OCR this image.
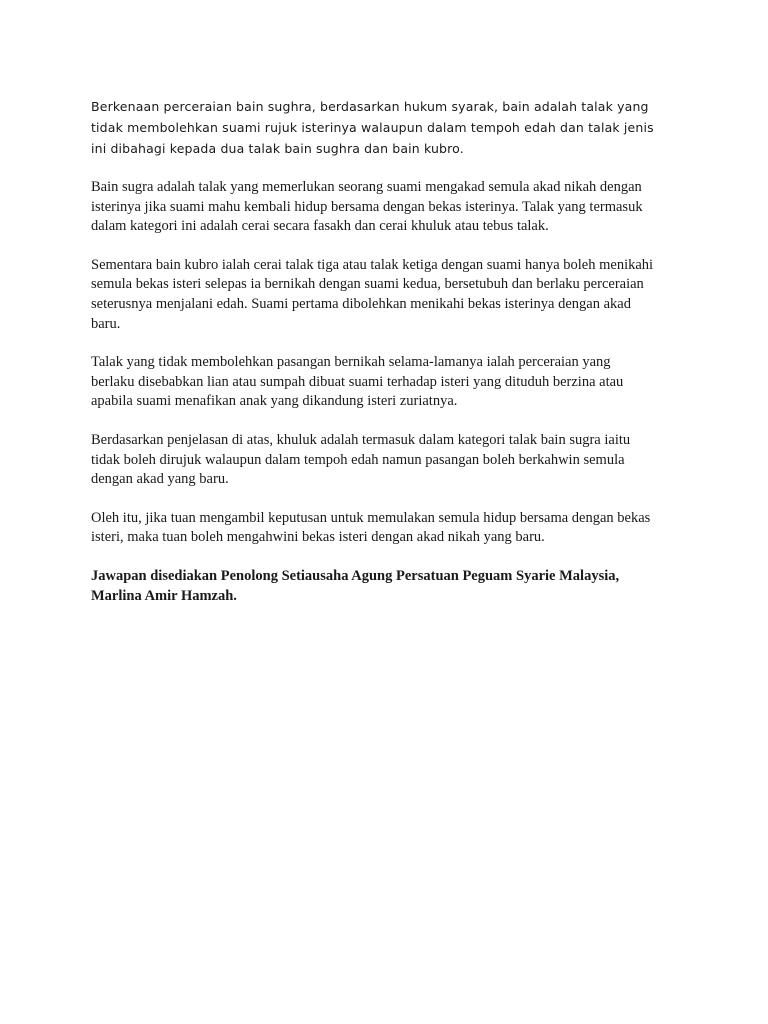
Berkenaan perceraian bain sughra, berdasarkan hukum syarak, bain adalah talak yang
tidak membolehkan suami rujuk isterinya walaupun dalam tempoh edah dan talak jenis
ini dibahagi kepada dua talak bain sughra dan bain kubro.

Bain sugra adalah talak yang memerlukan seorang suami mengakad semula akad nikah dengan
isterinya jika suami mahu kembali hidup bersama dengan bekas isterinya. Talak yang termasuk
dalam kategori ini adalah cerai secara fasakh dan cerai khuluk atau tebus talak.

Sementara bain kubro ialah cerai talak tiga atau talak ketiga dengan suami hanya boleh menikahi
semula bekas isteri selepas ia bernikah dengan suami kedua, bersetubuh dan berlaku perceraian
seterusnya menjalani edah. Suami pertama dibolehkan menikahi bekas isterinya dengan akad
baru.

Talak yang tidak membolehkan pasangan bernikah selama-lamanya ialah perceraian yang
berlaku disebabkan lian atau sumpah dibuat suami terhadap isteri yang dituduh berzina atau
apabila suami menafikan anak yang dikandung isteri zuriatnya.

Berdasarkan penjelasan di atas, khuluk adalah termasuk dalam kategori talak bain sugra iaitu
tidak boleh dirujuk walaupun dalam tempoh edah namun pasangan boleh berkahwin semula
dengan akad yang baru.

Oleh itu, jika tuan mengambil keputusan untuk memulakan semula hidup bersama dengan bekas
isteri, maka tuan boleh mengahwini bekas isteri dengan akad nikah yang baru.

Jawapan disediakan Penolong Setiausaha Agung Persatuan Peguam Syarie Malaysia,
Marlina Amir Hamzah.
